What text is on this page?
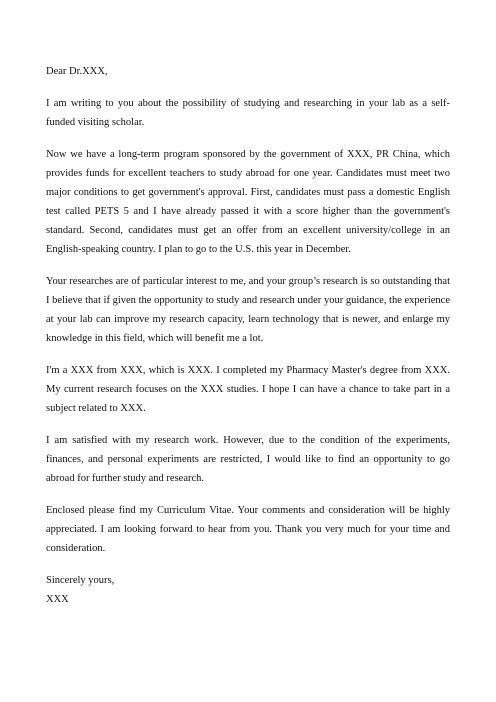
Dear Dr.XXX,

I am writing to you about the possibility of studying and researching in your lab as a self-funded visiting scholar.

Now we have a long-term program sponsored by the government of XXX, PR China, which provides funds for excellent teachers to study abroad for one year. Candidates must meet two major conditions to get government's approval. First, candidates must pass a domestic English test called PETS 5 and I have already passed it with a score higher than the government's standard. Second, candidates must get an offer from an excellent university/college in an English-speaking country. I plan to go to the U.S. this year in December.

Your researches are of particular interest to me, and your group’s research is so outstanding that I believe that if given the opportunity to study and research under your guidance, the experience at your lab can improve my research capacity, learn technology that is newer, and enlarge my knowledge in this field, which will benefit me a lot.

I'm a XXX from XXX, which is XXX. I completed my Pharmacy Master's degree from XXX. My current research focuses on the XXX studies. I hope I can have a chance to take part in a subject related to XXX.

I am satisfied with my research work. However, due to the condition of the experiments, finances, and personal experiments are restricted, I would like to find an opportunity to go abroad for further study and research.

Enclosed please find my Curriculum Vitae. Your comments and consideration will be highly appreciated. I am looking forward to hear from you. Thank you very much for your time and consideration.

Sincerely yours,

XXX
